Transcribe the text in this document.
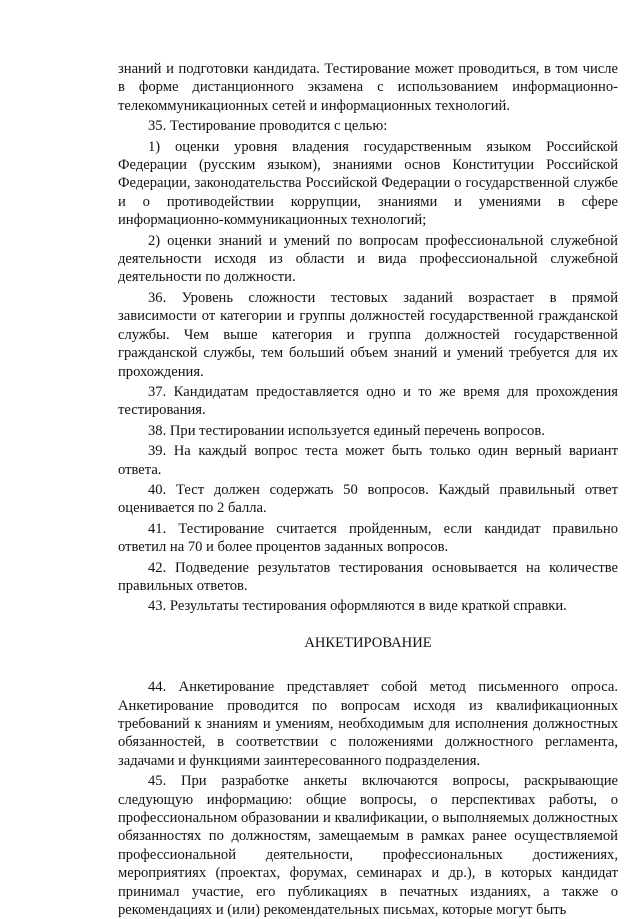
знаний и подготовки кандидата. Тестирование может проводиться, в том числе в форме дистанционного экзамена с использованием информационно-телекоммуникационных сетей и информационных технологий.

35. Тестирование проводится с целью:

1) оценки уровня владения государственным языком Российской Федерации (русским языком), знаниями основ Конституции Российской Федерации, законодательства Российской Федерации о государственной службе и о противодействии коррупции, знаниями и умениями в сфере информационно-коммуникационных технологий;

2) оценки знаний и умений по вопросам профессиональной служебной деятельности исходя из области и вида профессиональной служебной деятельности по должности.

36. Уровень сложности тестовых заданий возрастает в прямой зависимости от категории и группы должностей государственной гражданской службы. Чем выше категория и группа должностей государственной гражданской службы, тем больший объем знаний и умений требуется для их прохождения.

37. Кандидатам предоставляется одно и то же время для прохождения тестирования.

38. При тестировании используется единый перечень вопросов.

39. На каждый вопрос теста может быть только один верный вариант ответа.

40. Тест должен содержать 50 вопросов. Каждый правильный ответ оценивается по 2 балла.

41. Тестирование считается пройденным, если кандидат правильно ответил на 70 и более процентов заданных вопросов.

42. Подведение результатов тестирования основывается на количестве правильных ответов.

43. Результаты тестирования оформляются в виде краткой справки.

АНКЕТИРОВАНИЕ

44. Анкетирование представляет собой метод письменного опроса. Анкетирование проводится по вопросам исходя из квалификационных требований к знаниям и умениям, необходимым для исполнения должностных обязанностей, в соответствии с положениями должностного регламента, задачами и функциями заинтересованного подразделения.

45. При разработке анкеты включаются вопросы, раскрывающие следующую информацию: общие вопросы, о перспективах работы, о профессиональном образовании и квалификации, о выполняемых должностных обязанностях по должностям, замещаемым в рамках ранее осуществляемой профессиональной деятельности, профессиональных достижениях, мероприятиях (проектах, форумах, семинарах и др.), в которых кандидат принимал участие, его публикациях в печатных изданиях, а также о рекомендациях и (или) рекомендательных письмах, которые могут быть
